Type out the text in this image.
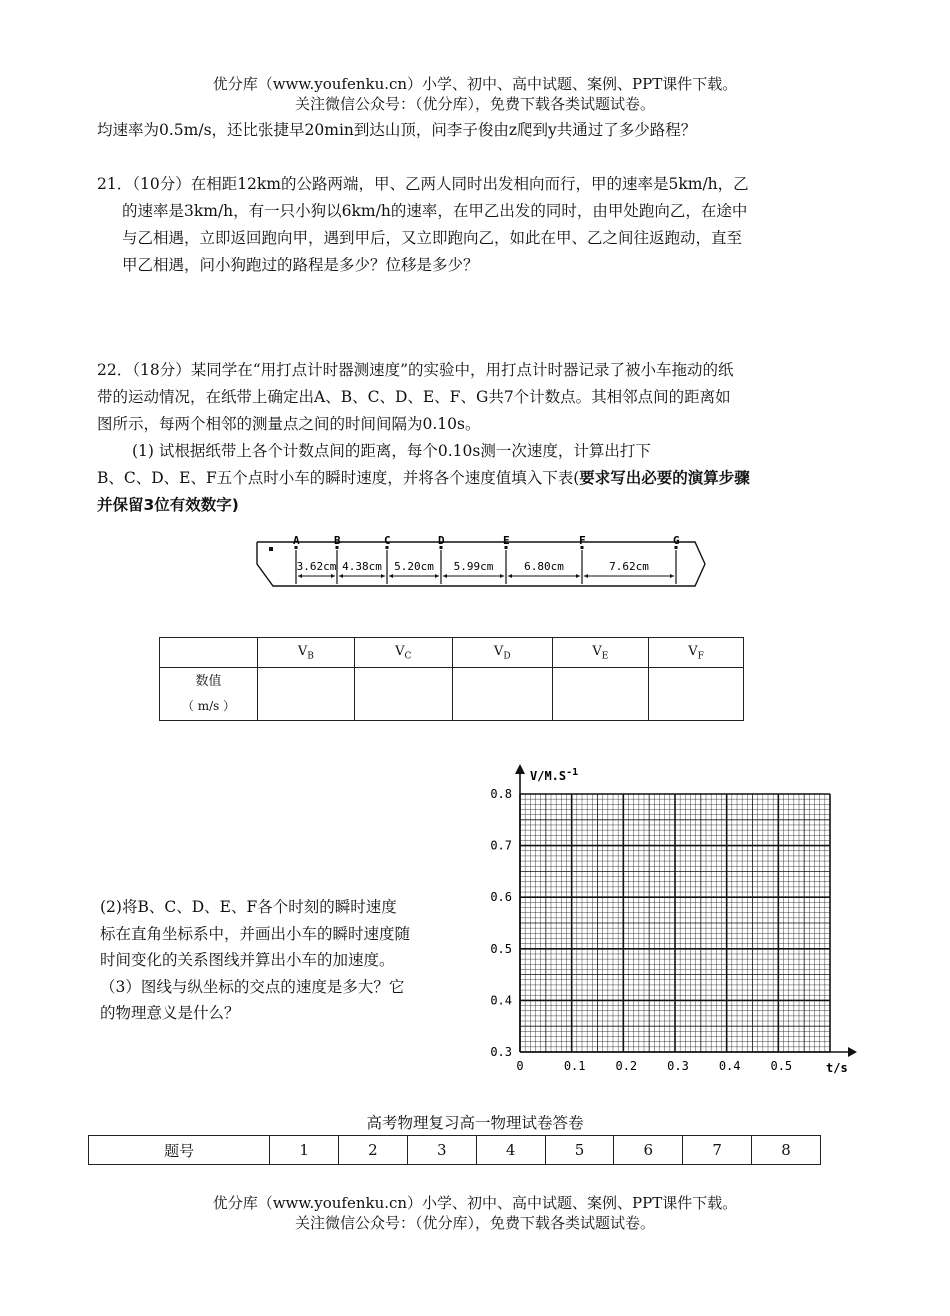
优分库（www.youfenku.cn）小学、初中、高中试题、案例、PPT课件下载。
关注微信公众号：（优分库），免费下载各类试题试卷。
均速率为0.5m/s，还比张捷早20min到达山顶，问李子俊由z爬到y共通过了多少路程？
21．（10分）在相距12km的公路两端，甲、乙两人同时出发相向而行，甲的速率是5km/h，乙
的速率是3km/h，有一只小狗以6km/h的速率，在甲乙出发的同时，由甲处跑向乙，在途中
与乙相遇，立即返回跑向甲，遇到甲后，又立即跑向乙，如此在甲、乙之间往返跑动，直至
甲乙相遇，问小狗跑过的路程是多少？位移是多少？
22．（18分）某同学在“用打点计时器测速度”的实验中，用打点计时器记录了被小车拖动的纸
带的运动情况，在纸带上确定出A、B、C、D、E、F、G共7个计数点。其相邻点间的距离如
图所示，每两个相邻的测量点之间的时间间隔为0.10s。
(1) 试根据纸带上各个计数点间的距离，每个0.10s测一次速度，计算出打下
B、C、D、E、F五个点时小车的瞬时速度，并将各个速度值填入下表(要求写出必要的演算步骤
并保留3位有效数字)
A	B	C	D	E	F	G
3.62cm 4.38cm 5.20cm 5.99cm	6.80cm	7.62cm
	$V_B$	$V_C$	$V_D$	$V_E$	$V_F$

数值
（ m/s ）					

(2)将B、C、D、E、F各个时刻的瞬时速度
标在直角坐标系中，并画出小车的瞬时速度随
时间变化的关系图线并算出小车的加速度。
（3）图线与纵坐标的交点的速度是多大？它
的物理意义是什么？
$V/M.S^{-1}$
t/s
0.8
0.7
0.6
0.5
0.4
0.3
0	0.1 0.2 0.3 0.4 0.5
高考物理复习高一物理试卷答卷
题号	1	2	3	4	5	6	7	8
优分库（www.youfenku.cn）小学、初中、高中试题、案例、PPT课件下载。
关注微信公众号：（优分库），免费下载各类试题试卷。
